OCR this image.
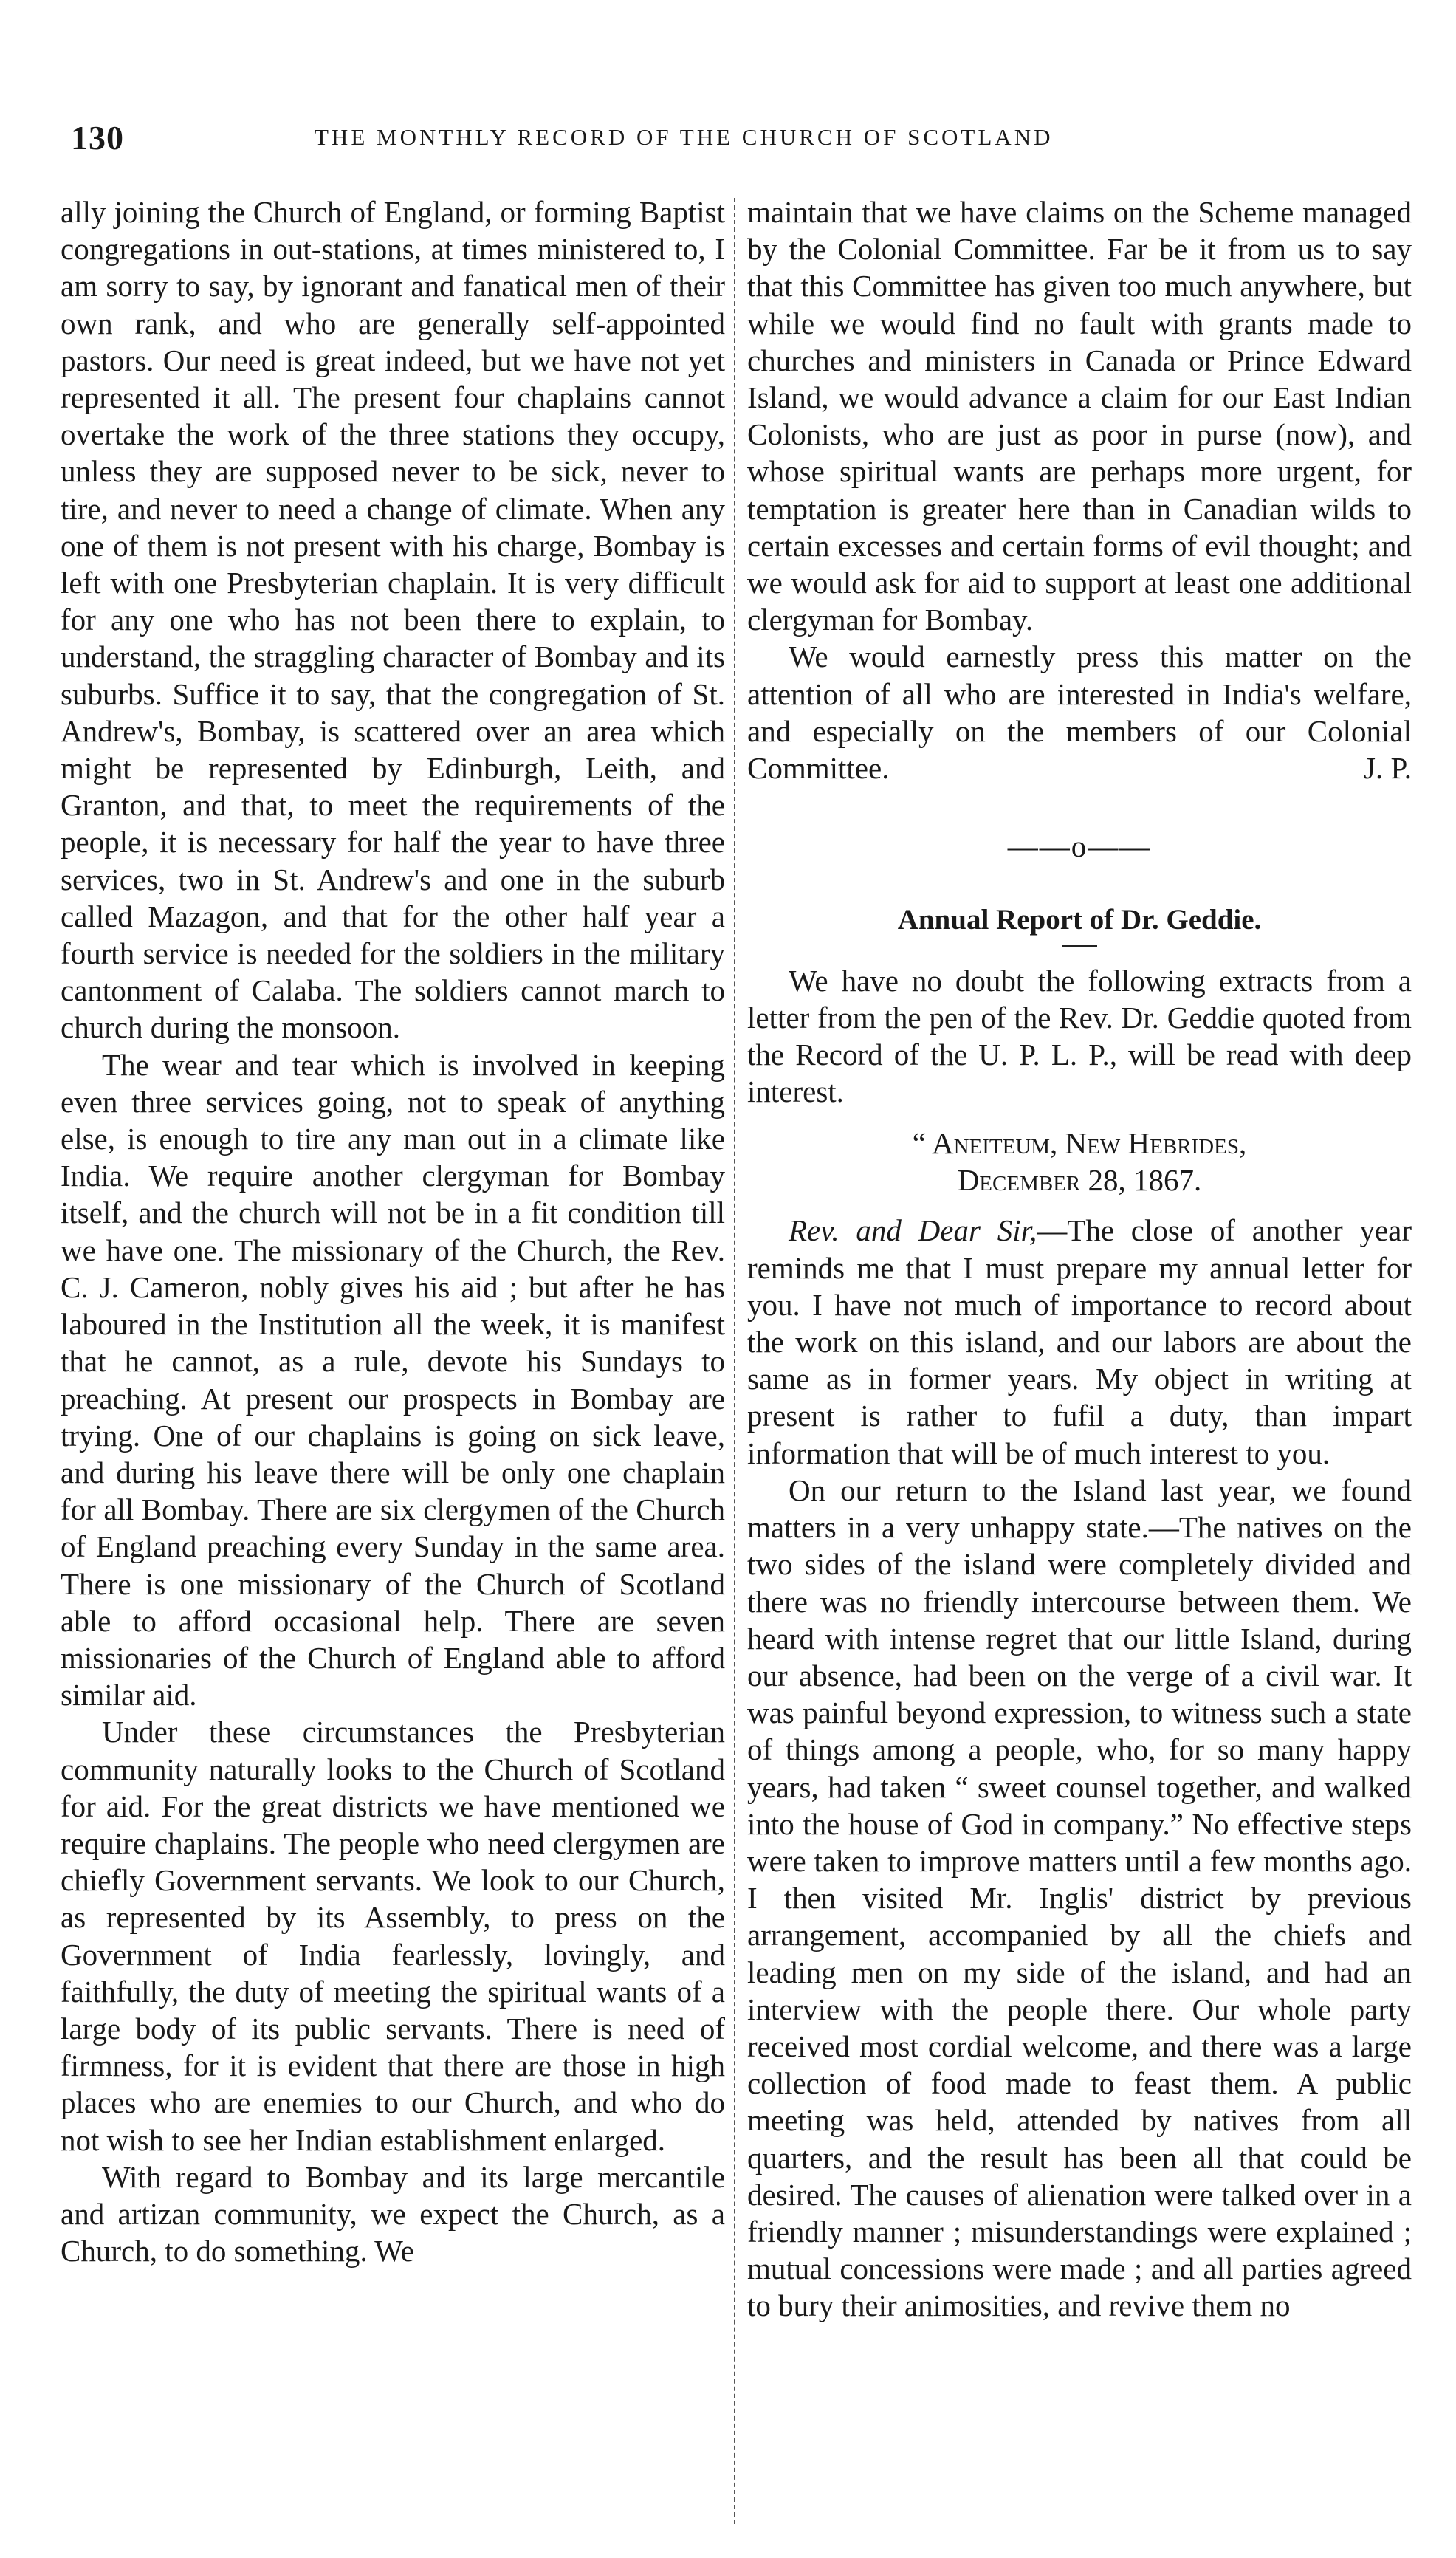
130	THE MONTHLY RECORD OF THE CHURCH OF SCOTLAND

ally joining the Church of England, or forming Baptist congregations in out-stations, at times ministered to, I am sorry to say, by ignorant and fanatical men of their own rank, and who are generally self-appointed pastors. Our need is great indeed, but we have not yet represented it all. The present four chaplains cannot overtake the work of the three stations they occupy, unless they are supposed never to be sick, never to tire, and never to need a change of climate. When any one of them is not present with his charge, Bombay is left with one Presbyterian chaplain. It is very difficult for any one who has not been there to explain, to understand, the straggling character of Bombay and its suburbs. Suffice it to say, that the congregation of St. Andrew's, Bombay, is scattered over an area which might be represented by Edinburgh, Leith, and Granton, and that, to meet the requirements of the people, it is necessary for half the year to have three services, two in St. Andrew's and one in the suburb called Mazagon, and that for the other half year a fourth service is needed for the soldiers in the military cantonment of Calaba. The soldiers cannot march to church during the monsoon.

The wear and tear which is involved in keeping even three services going, not to speak of anything else, is enough to tire any man out in a climate like India. We require another clergyman for Bombay itself, and the church will not be in a fit condition till we have one. The missionary of the Church, the Rev. C. J. Cameron, nobly gives his aid ; but after he has laboured in the Institution all the week, it is manifest that he cannot, as a rule, devote his Sundays to preaching. At present our prospects in Bombay are trying. One of our chaplains is going on sick leave, and during his leave there will be only one chaplain for all Bombay. There are six clergymen of the Church of England preaching every Sunday in the same area. There is one missionary of the Church of Scotland able to afford occasional help. There are seven missionaries of the Church of England able to afford similar aid.

Under these circumstances the Presbyterian community naturally looks to the Church of Scotland for aid. For the great districts we have mentioned we require chaplains. The people who need clergymen are chiefly Government servants. We look to our Church, as represented by its Assembly, to press on the Government of India fearlessly, lovingly, and faithfully, the duty of meeting the spiritual wants of a large body of its public servants. There is need of firmness, for it is evident that there are those in high places who are enemies to our Church, and who do not wish to see her Indian establishment enlarged.

With regard to Bombay and its large mercantile and artizan community, we expect the Church, as a Church, to do something. We

maintain that we have claims on the Scheme managed by the Colonial Committee. Far be it from us to say that this Committee has given too much anywhere, but while we would find no fault with grants made to churches and ministers in Canada or Prince Edward Island, we would advance a claim for our East Indian Colonists, who are just as poor in purse (now), and whose spiritual wants are perhaps more urgent, for temptation is greater here than in Canadian wilds to certain excesses and certain forms of evil thought; and we would ask for aid to support at least one additional clergyman for Bombay.

We would earnestly press this matter on the attention of all who are interested in India's welfare, and especially on the members of our Colonial Committee.	J. P.

——o——
Annual Report of Dr. Geddie.

We have no doubt the following extracts from a letter from the pen of the Rev. Dr. Geddie quoted from the Record of the U. P. L. P., will be read with deep interest.

“ Aneiteum, New Hebrides,
December 28, 1867.

Rev. and Dear Sir,—The close of another year reminds me that I must prepare my annual letter for you. I have not much of importance to record about the work on this island, and our labors are about the same as in former years. My object in writing at present is rather to fufil a duty, than impart information that will be of much interest to you.

On our return to the Island last year, we found matters in a very unhappy state.—The natives on the two sides of the island were completely divided and there was no friendly intercourse between them. We heard with intense regret that our little Island, during our absence, had been on the verge of a civil war. It was painful beyond expression, to witness such a state of things among a people, who, for so many happy years, had taken “ sweet counsel together, and walked into the house of God in company.” No effective steps were taken to improve matters until a few months ago. I then visited Mr. Inglis' district by previous arrangement, accompanied by all the chiefs and leading men on my side of the island, and had an interview with the people there. Our whole party received most cordial welcome, and there was a large collection of food made to feast them. A public meeting was held, attended by natives from all quarters, and the result has been all that could be desired. The causes of alienation were talked over in a friendly manner ; misunderstandings were explained ; mutual concessions were made ; and all parties agreed to bury their animosities, and revive them no
